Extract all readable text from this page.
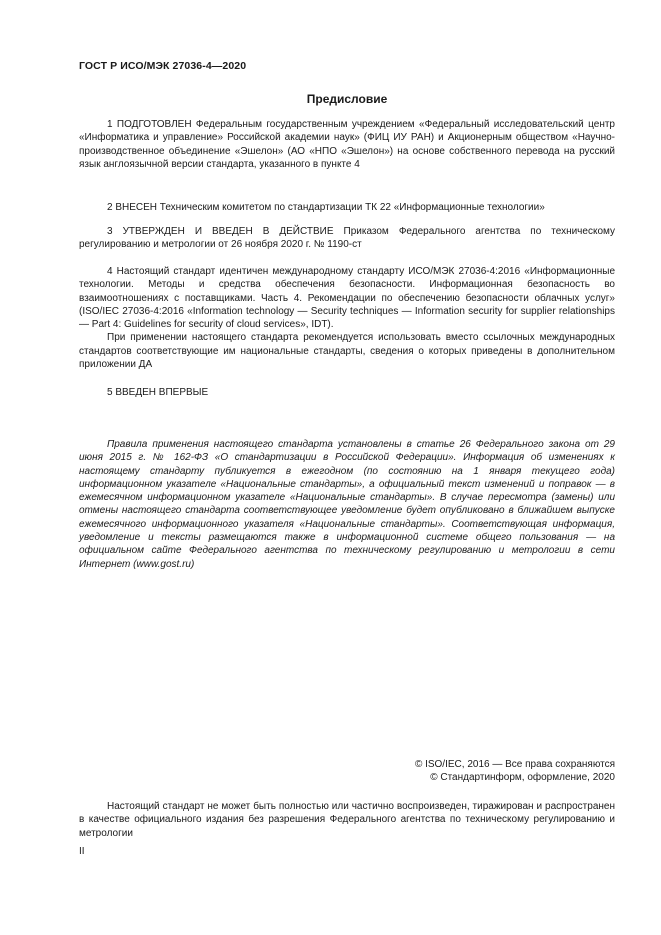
ГОСТ Р ИСО/МЭК 27036-4—2020
Предисловие

1 ПОДГОТОВЛЕН Федеральным государственным учреждением «Федеральный исследовательский центр «Информатика и управление» Российской академии наук» (ФИЦ ИУ РАН) и Акционерным обществом «Научно-производственное объединение «Эшелон» (АО «НПО «Эшелон») на основе собственного перевода на русский язык англоязычной версии стандарта, указанного в пункте 4

2 ВНЕСЕН Техническим комитетом по стандартизации ТК 22 «Информационные технологии»

3 УТВЕРЖДЕН И ВВЕДЕН В ДЕЙСТВИЕ Приказом Федерального агентства по техническому регулированию и метрологии от 26 ноября 2020 г. № 1190-ст

4 Настоящий стандарт идентичен международному стандарту ИСО/МЭК 27036-4:2016 «Информационные технологии. Методы и средства обеспечения безопасности. Информационная безопасность во взаимоотношениях с поставщиками. Часть 4. Рекомендации по обеспечению безопасности облачных услуг» (ISO/IEC 27036-4:2016 «Information technology — Security techniques — Information security for supplier relationships — Part 4: Guidelines for security of cloud services», IDT).

При применении настоящего стандарта рекомендуется использовать вместо ссылочных международных стандартов соответствующие им национальные стандарты, сведения о которых приведены в дополнительном приложении ДА

5 ВВЕДЕН ВПЕРВЫЕ

Правила применения настоящего стандарта установлены в статье 26 Федерального закона от 29 июня 2015 г. № 162-ФЗ «О стандартизации в Российской Федерации». Информация об изменениях к настоящему стандарту публикуется в ежегодном (по состоянию на 1 января текущего года) информационном указателе «Национальные стандарты», а официальный текст изменений и поправок — в ежемесячном информационном указателе «Национальные стандарты». В случае пересмотра (замены) или отмены настоящего стандарта соответствующее уведомление будет опубликовано в ближайшем выпуске ежемесячного информационного указателя «Национальные стандарты». Соответствующая информация, уведомление и тексты размещаются также в информационной системе общего пользования — на официальном сайте Федерального агентства по техническому регулированию и метрологии в сети Интернет (www.gost.ru)

© ISO/IEC, 2016 — Все права сохраняются
© Стандартинформ, оформление, 2020

Настоящий стандарт не может быть полностью или частично воспроизведен, тиражирован и распространен в качестве официального издания без разрешения Федерального агентства по техническому регулированию и метрологии

II
